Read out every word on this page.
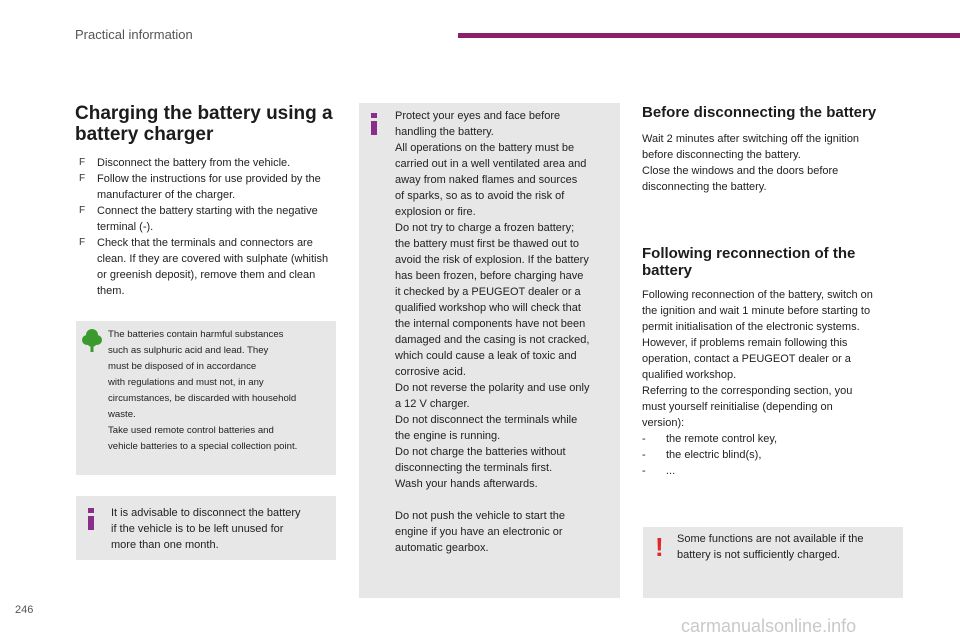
Practical information
Charging the battery using a battery charger
F Disconnect the battery from the vehicle.
F Follow the instructions for use provided by the manufacturer of the charger.
F Connect the battery starting with the negative terminal (-).
F Check that the terminals and connectors are clean. If they are covered with sulphate (whitish or greenish deposit), remove them and clean them.
The batteries contain harmful substances
such as sulphuric acid and lead. They
must be disposed of in accordance
with regulations and must not, in any
circumstances, be discarded with household
waste.
Take used remote control batteries and
vehicle batteries to a special collection point.
It is advisable to disconnect the battery
if the vehicle is to be left unused for
more than one month.
Protect your eyes and face before
handling the battery.
All operations on the battery must be
carried out in a well ventilated area and
away from naked flames and sources
of sparks, so as to avoid the risk of
explosion or fire.
Do not try to charge a frozen battery;
the battery must first be thawed out to
avoid the risk of explosion. If the battery
has been frozen, before charging have
it checked by a PEUGEOT dealer or a
qualified workshop who will check that
the internal components have not been
damaged and the casing is not cracked,
which could cause a leak of toxic and
corrosive acid.
Do not reverse the polarity and use only
a 12 V charger.
Do not disconnect the terminals while
the engine is running.
Do not charge the batteries without
disconnecting the terminals first.
Wash your hands afterwards.
Do not push the vehicle to start the
engine if you have an electronic or
automatic gearbox.
Before disconnecting the battery
Wait 2 minutes after switching off the ignition
before disconnecting the battery.
Close the windows and the doors before
disconnecting the battery.
Following reconnection of the
battery
Following reconnection of the battery, switch on
the ignition and wait 1 minute before starting to
permit initialisation of the electronic systems.
However, if problems remain following this
operation, contact a PEUGEOT dealer or a
qualified workshop.
Referring to the corresponding section, you
must yourself reinitialise (depending on
version):
- the remote control key,
- the electric blind(s),
- ...
! Some functions are not available if the
battery is not sufficiently charged.
246
carmanualsonline.info
